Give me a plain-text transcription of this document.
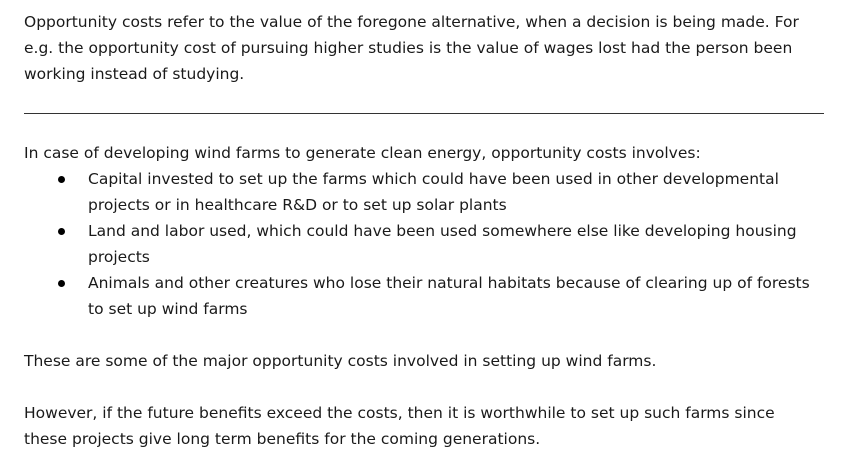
Opportunity costs refer to the value of the foregone alternative, when a decision is being made. For e.g. the opportunity cost of pursuing higher studies is the value of wages lost had the person been working instead of studying.

In case of developing wind farms to generate clean energy, opportunity costs involves:

Capital invested to set up the farms which could have been used in other developmental projects or in healthcare R&D or to set up solar plants
Land and labor used, which could have been used somewhere else like developing housing projects
Animals and other creatures who lose their natural habitats because of clearing up of forests to set up wind farms

These are some of the major opportunity costs involved in setting up wind farms.

However, if the future benefits exceed the costs, then it is worthwhile to set up such farms since these projects give long term benefits for the coming generations.
